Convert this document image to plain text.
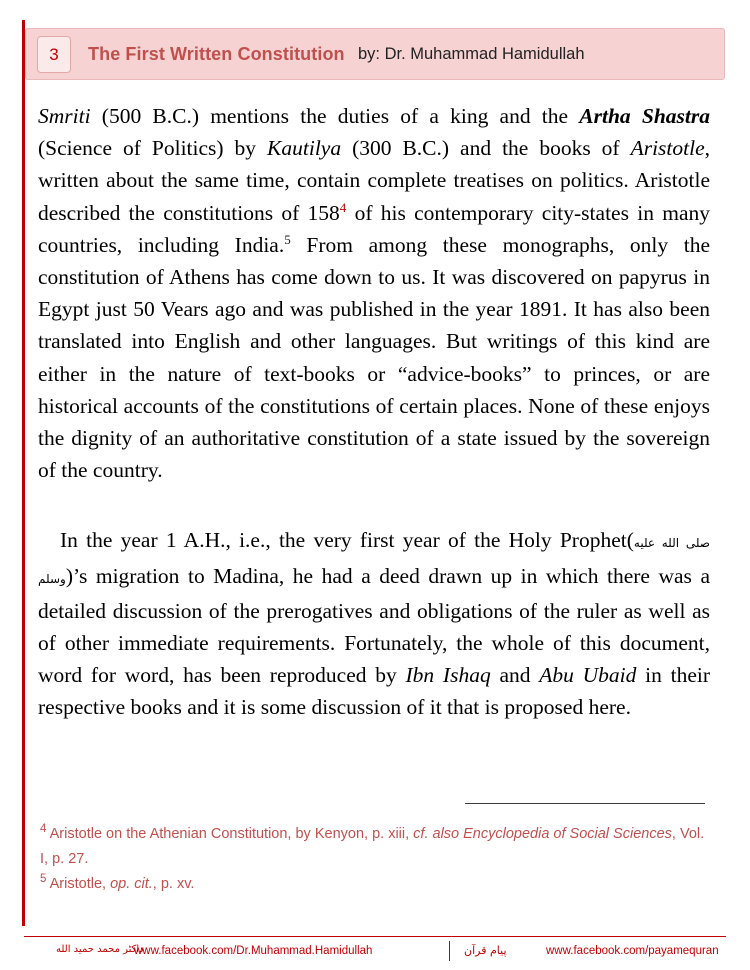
3	The First Written Constitution by: Dr. Muhammad Hamidullah

Smriti (500 B.C.) mentions the duties of a king and the Artha Shastra (Science of Politics) by Kautilya (300 B.C.) and the books of Aristotle, written about the same time, contain complete treatises on politics. Aristotle described the constitutions of 158$^4$ of his contemporary city-states in many countries, including India.$^5$ From among these monographs, only the constitution of Athens has come down to us. It was discovered on papyrus in Egypt just 50 Vears ago and was published in the year 1891. It has also been translated into English and other languages. But writings of this kind are either in the nature of text-books or “advice-books” to princes, or are historical accounts of the constitutions of certain places. None of these enjoys the dignity of an authoritative constitution of a state issued by the sovereign of the country.

In the year 1 A.H., i.e., the very first year of the Holy Prophet(صلى الله عليه وسلم)’s migration to Madina, he had a deed drawn up in which there was a detailed discussion of the prerogatives and obligations of the ruler as well as of other immediate requirements. Fortunately, the whole of this document, word for word, has been reproduced by Ibn Ishaq and Abu Ubaid in their respective books and it is some discussion of it that is proposed here.

$^4$ Aristotle on the Athenian Constitution, by Kenyon, p. xiii, cf. also Encyclopedia of Social Sciences, Vol. I, p. 27.
$^5$ Aristotle, op. cit., p. xv.
داكٹر محمد حميد الله
www.facebook.com/Dr.Muhammad.Hamidullah	پیام قرآن	www.facebook.com/payamequran
